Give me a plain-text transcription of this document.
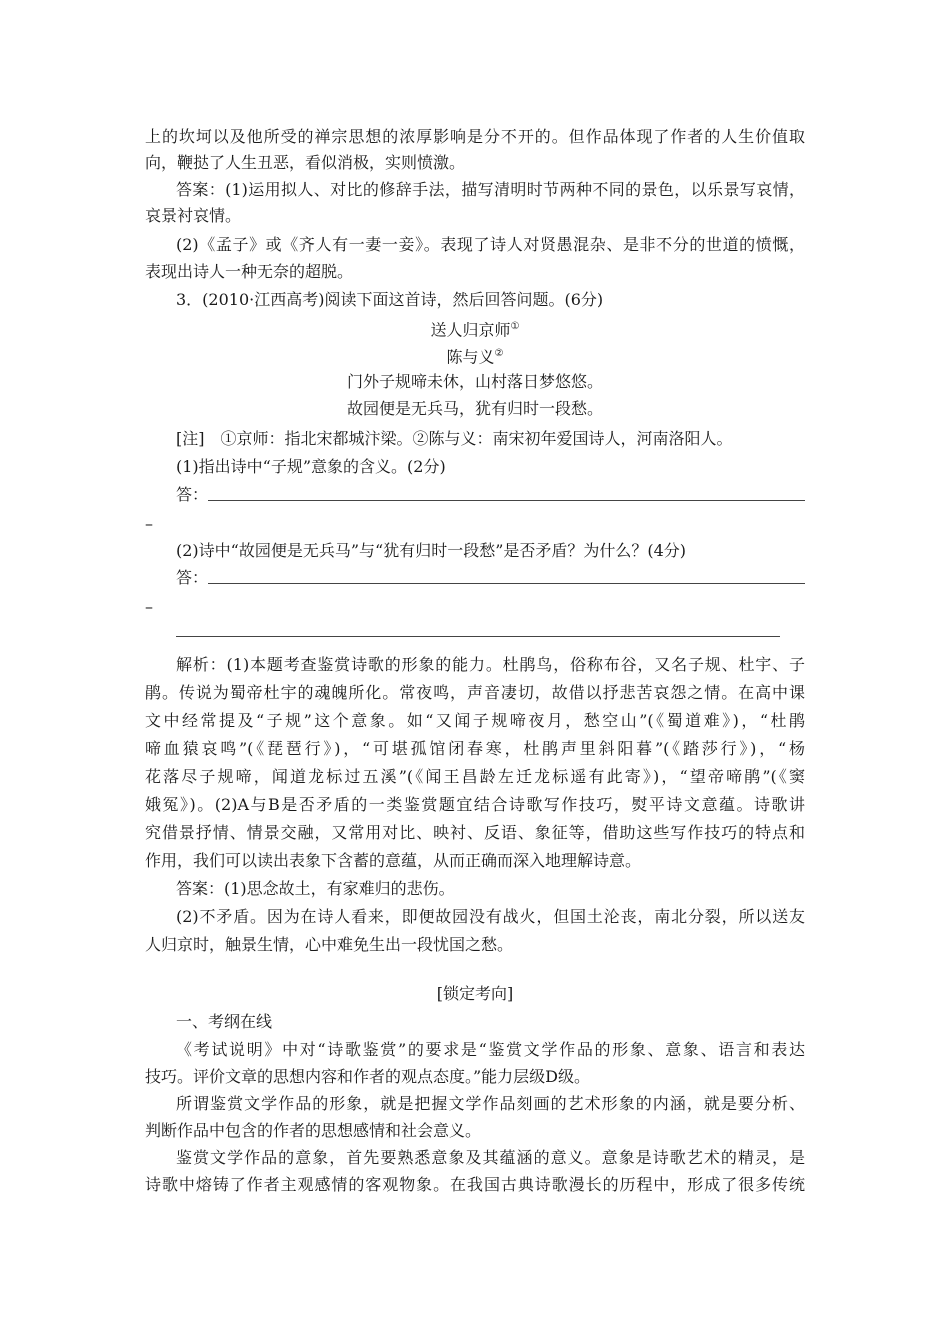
上的坎坷以及他所受的禅宗思想的浓厚影响是分不开的。但作品体现了作者的人生价值取
向，鞭挞了人生丑恶，看似消极，实则愤激。
答案：(1)运用拟人、对比的修辞手法，描写清明时节两种不同的景色，以乐景写哀情，
哀景衬哀情。
(2)《孟子》或《齐人有一妻一妾》。表现了诗人对贤愚混杂、是非不分的世道的愤慨，
表现出诗人一种无奈的超脱。
3．(2010·江西高考)阅读下面这首诗，然后回答问题。(6分)
送人归京师①
陈与义②
门外子规啼未休，山村落日梦悠悠。
故园便是无兵马，犹有归时一段愁。
[注]　①京师：指北宋都城汴梁。②陈与义：南宋初年爱国诗人，河南洛阳人。
(1)指出诗中“子规”意象的含义。(2分)
答：
–
(2)诗中“故园便是无兵马”与“犹有归时一段愁”是否矛盾？为什么？(4分)
答：
–
解析：(1)本题考查鉴赏诗歌的形象的能力。杜鹃鸟，俗称布谷，又名子规、杜宇、子
鹃。传说为蜀帝杜宇的魂魄所化。常夜鸣，声音凄切，故借以抒悲苦哀怨之情。在高中课
文中经常提及“子规”这个意象。如“又闻子规啼夜月，愁空山”(《蜀道难》)，“杜鹃
啼血猿哀鸣”(《琵琶行》)，“可堪孤馆闭春寒，杜鹃声里斜阳暮”(《踏莎行》)，“杨
花落尽子规啼，闻道龙标过五溪”(《闻王昌龄左迁龙标遥有此寄》)，“望帝啼鹃”(《窦
娥冤》)。(2)A与B是否矛盾的一类鉴赏题宜结合诗歌写作技巧，熨平诗文意蕴。诗歌讲
究借景抒情、情景交融，又常用对比、映衬、反语、象征等，借助这些写作技巧的特点和
作用，我们可以读出表象下含蓄的意蕴，从而正确而深入地理解诗意。
答案：(1)思念故土，有家难归的悲伤。
(2)不矛盾。因为在诗人看来，即便故园没有战火，但国土沦丧，南北分裂，所以送友
人归京时，触景生情，心中难免生出一段忧国之愁。
[锁定考向]
一、考纲在线
《考试说明》中对“诗歌鉴赏”的要求是“鉴赏文学作品的形象、意象、语言和表达
技巧。评价文章的思想内容和作者的观点态度。”能力层级D级。
所谓鉴赏文学作品的形象，就是把握文学作品刻画的艺术形象的内涵，就是要分析、
判断作品中包含的作者的思想感情和社会意义。
鉴赏文学作品的意象，首先要熟悉意象及其蕴涵的意义。意象是诗歌艺术的精灵，是
诗歌中熔铸了作者主观感情的客观物象。在我国古典诗歌漫长的历程中，形成了很多传统
